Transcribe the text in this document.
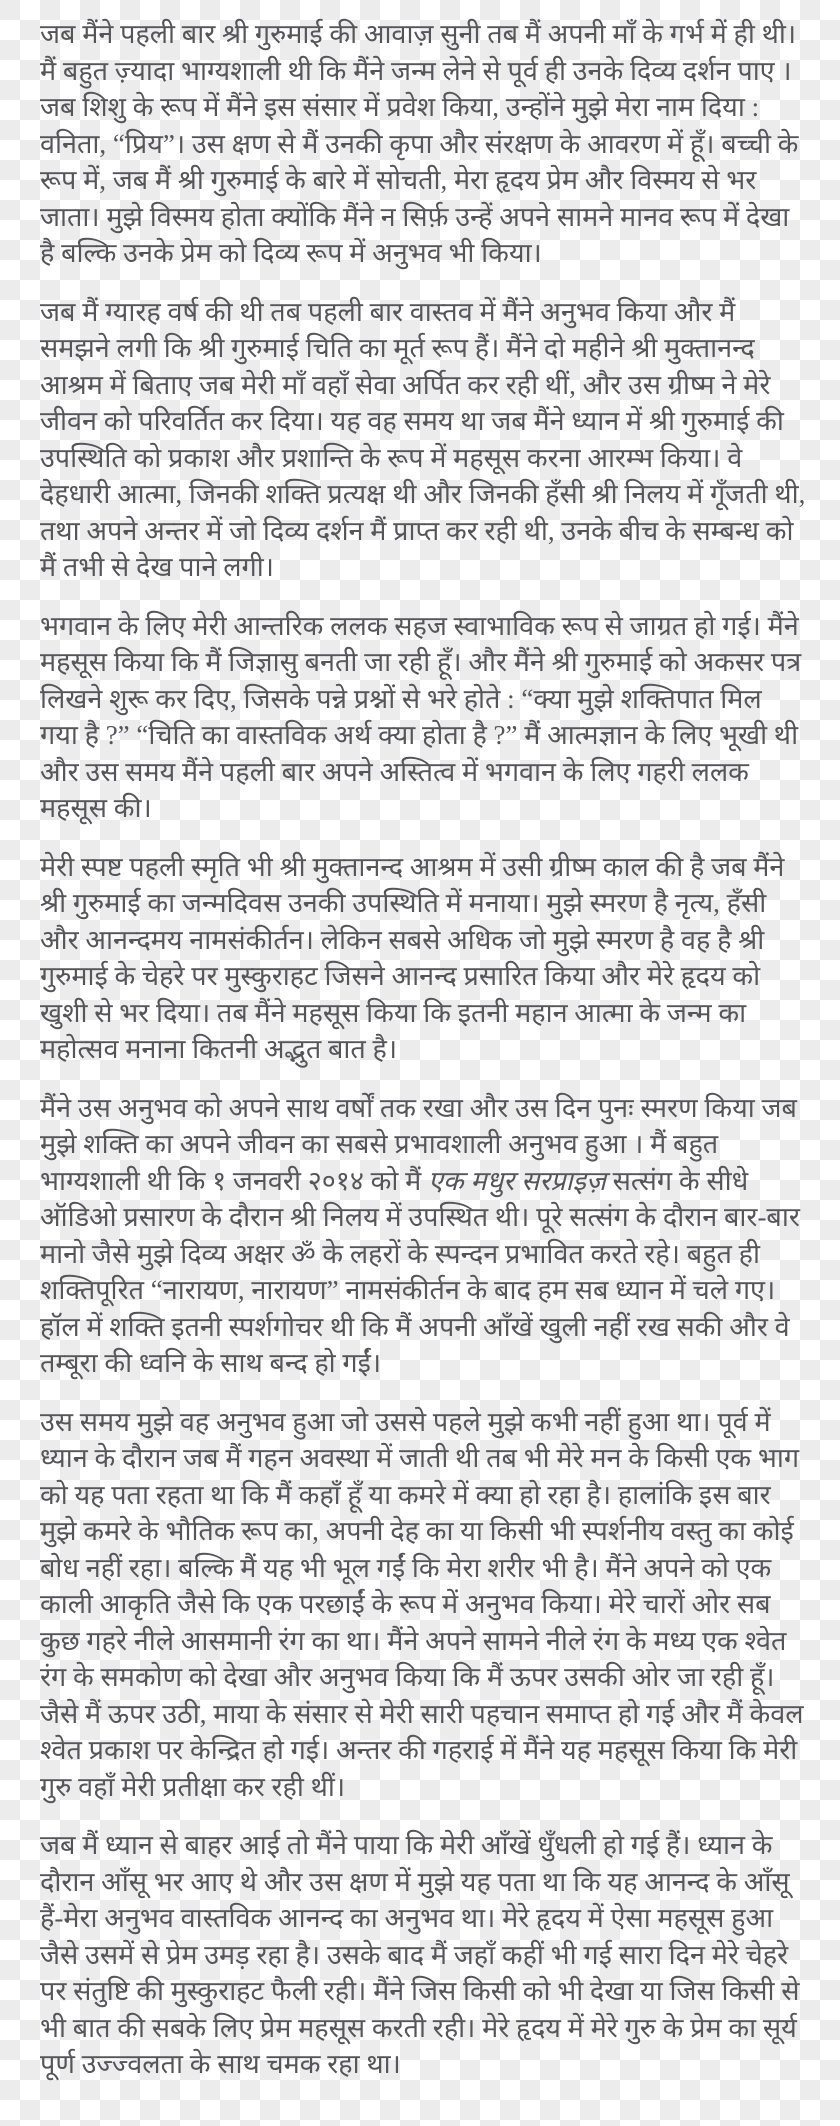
जब मैंने पहली बार श्री गुरुमाई की आवाज़ सुनी तब मैं अपनी माँ के गर्भ में ही थी। मैं बहुत ज़्यादा भाग्यशाली थी कि मैंने जन्म लेने से पूर्व ही उनके दिव्य दर्शन पाए । जब शिशु के रूप में मैंने इस संसार में प्रवेश किया, उन्होंने मुझे मेरा नाम दिया : वनिता, “प्रिय”। उस क्षण से मैं उनकी कृपा और संरक्षण के आवरण में हूँ। बच्ची के रूप में, जब मैं श्री गुरुमाई के बारे में सोचती, मेरा हृदय प्रेम और विस्मय से भर जाता। मुझे विस्मय होता क्योंकि मैंने न सिर्फ़ उन्हें अपने सामने मानव रूप में देखा है बल्कि उनके प्रेम को दिव्य रूप में अनुभव भी किया।

जब मैं ग्यारह वर्ष की थी तब पहली बार वास्तव में मैंने अनुभव किया और मैं समझने लगी कि श्री गुरुमाई चिति का मूर्त रूप हैं। मैंने दो महीने श्री मुक्तानन्द आश्रम में बिताए जब मेरी माँ वहाँ सेवा अर्पित कर रही थीं, और उस ग्रीष्म ने मेरे जीवन को परिवर्तित कर दिया। यह वह समय था जब मैंने ध्यान में श्री गुरुमाई की उपस्थिति को प्रकाश और प्रशान्ति के रूप में महसूस करना आरम्भ किया। वे देहधारी आत्मा, जिनकी शक्ति प्रत्यक्ष थी और जिनकी हँसी श्री निलय में गूँजती थी, तथा अपने अन्तर में जो दिव्य दर्शन मैं प्राप्त कर रही थी, उनके बीच के सम्बन्ध को मैं तभी से देख पाने लगी।

भगवान के लिए मेरी आन्तरिक ललक सहज स्वाभाविक रूप से जाग्रत हो गई। मैंने महसूस किया कि मैं जिज्ञासु बनती जा रही हूँ। और मैंने श्री गुरुमाई को अकसर पत्र लिखने शुरू कर दिए, जिसके पन्ने प्रश्नों से भरे होते : “क्या मुझे शक्तिपात मिल गया है ?” “चिति का वास्तविक अर्थ क्या होता है ?” मैं आत्मज्ञान के लिए भूखी थी और उस समय मैंने पहली बार अपने अस्तित्व में भगवान के लिए गहरी ललक महसूस की।

मेरी स्पष्ट पहली स्मृति भी श्री मुक्तानन्द आश्रम में उसी ग्रीष्म काल की है जब मैंने श्री गुरुमाई का जन्मदिवस उनकी उपस्थिति में मनाया। मुझे स्मरण है नृत्य, हँसी और आनन्दमय नामसंकीर्तन। लेकिन सबसे अधिक जो मुझे स्मरण है वह है श्री गुरुमाई के चेहरे पर मुस्कुराहट जिसने आनन्द प्रसारित किया और मेरे हृदय को खुशी से भर दिया। तब मैंने महसूस किया कि इतनी महान आत्मा के जन्म का महोत्सव मनाना कितनी अद्भुत बात है।

मैंने उस अनुभव को अपने साथ वर्षों तक रखा और उस दिन पुनः स्मरण किया जब मुझे शक्ति का अपने जीवन का सबसे प्रभावशाली अनुभव हुआ । मैं बहुत भाग्यशाली थी कि १ जनवरी २०१४ को मैं एक मधुर सरप्राइज़ सत्संग के सीधे ऑडिओ प्रसारण के दौरान श्री निलय में उपस्थित थी। पूरे सत्संग के दौरान बार-बार मानो जैसे मुझे दिव्य अक्षर ॐ के लहरों के स्पन्दन प्रभावित करते रहे। बहुत ही शक्तिपूरित “नारायण, नारायण” नामसंकीर्तन के बाद हम सब ध्यान में चले गए। हॉल में शक्ति इतनी स्पर्शगोचर थी कि मैं अपनी आँखें खुली नहीं रख सकी और वे तम्बूरा की ध्वनि के साथ बन्द हो गईं।

उस समय मुझे वह अनुभव हुआ जो उससे पहले मुझे कभी नहीं हुआ था। पूर्व में ध्यान के दौरान जब मैं गहन अवस्था में जाती थी तब भी मेरे मन के किसी एक भाग को यह पता रहता था कि मैं कहाँ हूँ या कमरे में क्या हो रहा है। हालांकि इस बार मुझे कमरे के भौतिक रूप का, अपनी देह का या किसी भी स्पर्शनीय वस्तु का कोई बोध नहीं रहा। बल्कि मैं यह भी भूल गईं कि मेरा शरीर भी है। मैंने अपने को एक काली आकृति जैसे कि एक परछाईं के रूप में अनुभव किया। मेरे चारों ओर सब कुछ गहरे नीले आसमानी रंग का था। मैंने अपने सामने नीले रंग के मध्य एक श्वेत रंग के समकोण को देखा और अनुभव किया कि मैं ऊपर उसकी ओर जा रही हूँ। जैसे मैं ऊपर उठी, माया के संसार से मेरी सारी पहचान समाप्त हो गई और मैं केवल श्वेत प्रकाश पर केन्द्रित हो गई। अन्तर की गहराई में मैंने यह महसूस किया कि मेरी गुरु वहाँ मेरी प्रतीक्षा कर रही थीं।

जब मैं ध्यान से बाहर आई तो मैंने पाया कि मेरी आँखें धुँधली हो गई हैं। ध्यान के दौरान आँसू भर आए थे और उस क्षण में मुझे यह पता था कि यह आनन्द के आँसू हैं-मेरा अनुभव वास्तविक आनन्द का अनुभव था। मेरे हृदय में ऐसा महसूस हुआ जैसे उसमें से प्रेम उमड़ रहा है। उसके बाद मैं जहाँ कहीं भी गई सारा दिन मेरे चेहरे पर संतुष्टि की मुस्कुराहट फैली रही। मैंने जिस किसी को भी देखा या जिस किसी से भी बात की सबके लिए प्रेम महसूस करती रही। मेरे हृदय में मेरे गुरु के प्रेम का सूर्य पूर्ण उज्ज्वलता के साथ चमक रहा था।
